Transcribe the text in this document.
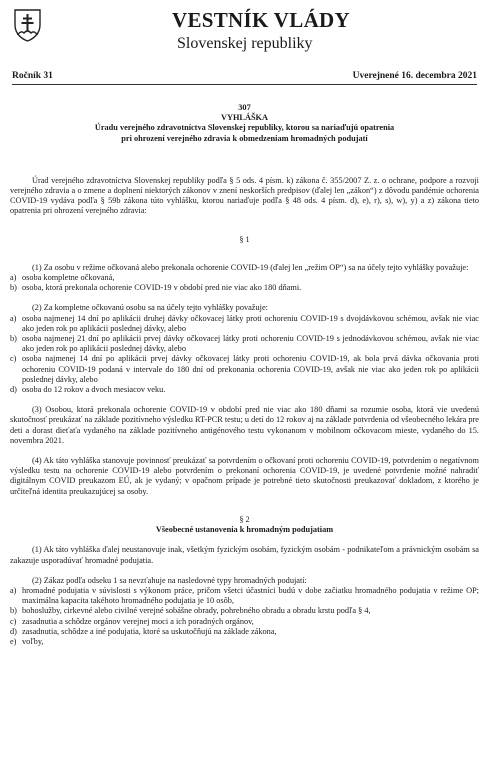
VESTNÍK VLÁDY
Slovenskej republiky
Ročník 31	Uverejnené 16. decembra 2021
307
VYHLÁŠKA
Úradu verejného zdravotníctva Slovenskej republiky, ktorou sa nariaďujú opatrenia
pri ohrození verejného zdravia k obmedzeniam hromadných podujatí

Úrad verejného zdravotníctva Slovenskej republiky podľa § 5 ods. 4 písm. k) zákona č. 355/2007 Z. z. o ochrane, podpore a rozvoji verejného zdravia a o zmene a doplnení niektorých zákonov v znení neskorších predpisov (ďalej len „zákon“) z dôvodu pandémie ochorenia COVID-19 vydáva podľa § 59b zákona túto vyhlášku, ktorou nariaďuje podľa § 48 ods. 4 písm. d), e), r), s), w), y) a z) zákona tieto opatrenia pri ohrození verejného zdravia:

§ 1

(1) Za osobu v režime očkovaná alebo prekonala ochorenie COVID-19 (ďalej len „režim OP“) sa na účely tejto vyhlášky považuje:

a) osoba kompletne očkovaná,
b) osoba, ktorá prekonala ochorenie COVID-19 v období pred nie viac ako 180 dňami.

(2) Za kompletne očkovanú osobu sa na účely tejto vyhlášky považuje:

a) osoba najmenej 14 dní po aplikácii druhej dávky očkovacej látky proti ochoreniu COVID-19 s dvojdávkovou schémou, avšak nie viac ako jeden rok po aplikácii poslednej dávky, alebo
b) osoba najmenej 21 dní po aplikácii prvej dávky očkovacej látky proti ochoreniu COVID-19 s jednodávkovou schémou, avšak nie viac ako jeden rok po aplikácii poslednej dávky, alebo
c) osoba najmenej 14 dní po aplikácii prvej dávky očkovacej látky proti ochoreniu COVID-19, ak bola prvá dávka očkovania proti ochoreniu COVID-19 podaná v intervale do 180 dní od prekonania ochorenia COVID-19, avšak nie viac ako jeden rok po aplikácii poslednej dávky, alebo
d) osoba do 12 rokov a dvoch mesiacov veku.

(3) Osobou, ktorá prekonala ochorenie COVID-19 v období pred nie viac ako 180 dňami sa rozumie osoba, ktorá vie uvedenú skutočnosť preukázať na základe pozitívneho výsledku RT-PCR testu; u detí do 12 rokov aj na základe potvrdenia od všeobecného lekára pre deti a dorast dieťaťa vydaného na základe pozitívneho antigénového testu vykonanom v mobilnom očkovacom mieste, vydaného do 15. novembra 2021.

(4) Ak táto vyhláška stanovuje povinnosť preukázať sa potvrdením o očkovaní proti ochoreniu COVID-19, potvrdením o negatívnom výsledku testu na ochorenie COVID-19 alebo potvrdením o prekonaní ochorenia COVID-19, je uvedené potvrdenie možné nahradiť digitálnym COVID preukazom EÚ, ak je vydaný; v opačnom prípade je potrebné tieto skutočnosti preukazovať dokladom, z ktorého je určiteľná identita preukazujúcej sa osoby.

§ 2
Všeobecné ustanovenia k hromadným podujatiam

(1) Ak táto vyhláška ďalej neustanovuje inak, všetkým fyzickým osobám, fyzickým osobám - podnikateľom a právnickým osobám sa zakazuje usporadúvať hromadné podujatia.

(2) Zákaz podľa odseku 1 sa nevzťahuje na nasledovné typy hromadných podujatí:

a) hromadné podujatia v súvislosti s výkonom práce, pričom všetci účastníci budú v dobe začiatku hromadného podujatia v režime OP; maximálna kapacita takéhoto hromadného podujatia je 10 osôb,
b) bohoslužby, cirkevné alebo civilné verejné sobášne obrady, pohrebného obradu a obradu krstu podľa § 4,
c) zasadnutia a schôdze orgánov verejnej moci a ich poradných orgánov,
d) zasadnutia, schôdze a iné podujatia, ktoré sa uskutočňujú na základe zákona,
e) voľby,
